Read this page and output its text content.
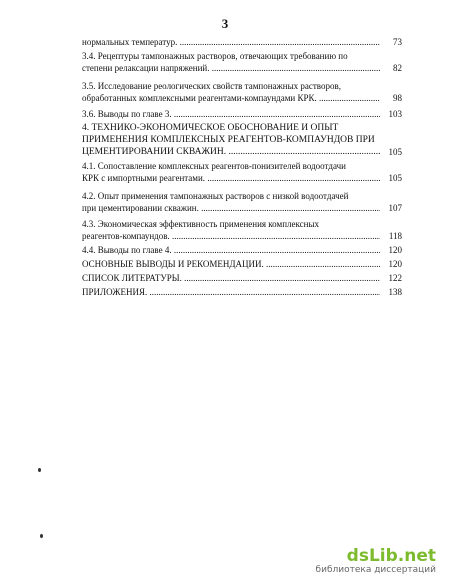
3
нормальных температур. .....	73
3.4. Рецептуры тампонажных растворов, отвечающих требованию по
степени релаксации напряжений. .....	82
3.5. Исследование реологических свойств тампонажных растворов,
обработанных комплексными реагентами-компаундами КРК. .....	98
3.6. Выводы по главе 3. .....	103
4. ТЕХНИКО-ЭКОНОМИЧЕСКОЕ ОБОСНОВАНИЕ И ОПЫТ
ПРИМЕНЕНИЯ КОМПЛЕКСНЫХ РЕАГЕНТОВ-КОМПАУНДОВ ПРИ
ЦЕМЕНТИРОВАНИИ СКВАЖИН. .....	105
4.1. Сопоставление комплексных реагентов-понизителей водоотдачи
КРК с импортными реагентами. .....	105
4.2. Опыт применения тампонажных растворов с низкой водоотдачей
при цементировании скважин. .....	107
4.3. Экономическая эффективность применения комплексных
реагентов-компаундов. .....	118
4.4. Выводы по главе 4. .....	120
ОСНОВНЫЕ ВЫВОДЫ И РЕКОМЕНДАЦИИ. .....	120
СПИСОК ЛИТЕРАТУРЫ. .....	122
ПРИЛОЖЕНИЯ. .....	138
dsLib.net
библиотека диссертаций
